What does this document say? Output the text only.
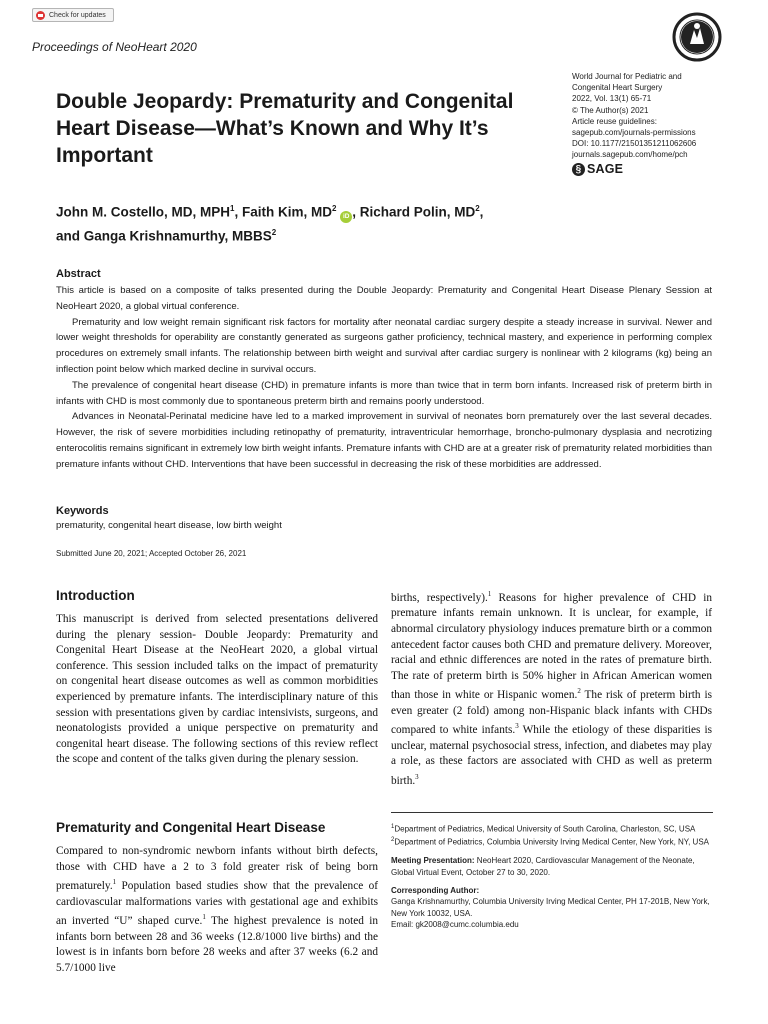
Check for updates
Proceedings of NeoHeart 2020
Double Jeopardy: Prematurity and Congenital Heart Disease—What’s Known and Why It’s Important
World Journal for Pediatric and
Congenital Heart Surgery
2022, Vol. 13(1) 65-71
© The Author(s) 2021
Article reuse guidelines:
sagepub.com/journals-permissions
DOI: 10.1177/21501351211062606
journals.sagepub.com/home/pch
§ SAGE
John M. Costello, MD, MPH$^1$, Faith Kim, $MD^2$ iD , Richard Polin, $MD^2$,
and Ganga Krishnamurthy, MBBS$^2$
Abstract

This article is based on a composite of talks presented during the Double Jeopardy: Prematurity and Congenital Heart Disease Plenary Session at NeoHeart 2020, a global virtual conference.

Prematurity and low weight remain significant risk factors for mortality after neonatal cardiac surgery despite a steady increase in survival. Newer and lower weight thresholds for operability are constantly generated as surgeons gather proficiency, technical mastery, and experience in performing complex procedures on extremely small infants. The relationship between birth weight and survival after cardiac surgery is nonlinear with 2 kilograms (kg) being an inflection point below which marked decline in survival occurs.

The prevalence of congenital heart disease (CHD) in premature infants is more than twice that in term born infants. Increased risk of preterm birth in infants with CHD is most commonly due to spontaneous preterm birth and remains poorly understood.

Advances in Neonatal-Perinatal medicine have led to a marked improvement in survival of neonates born prematurely over the last several decades. However, the risk of severe morbidities including retinopathy of prematurity, intraventricular hemorrhage, broncho-pulmonary dysplasia and necrotizing enterocolitis remains significant in extremely low birth weight infants. Premature infants with CHD are at a greater risk of prematurity related morbidities than premature infants without CHD. Interventions that have been successful in decreasing the risk of these morbidities are addressed.

Keywords
prematurity, congenital heart disease, low birth weight
Submitted June 20, 2021; Accepted October 26, 2021
Introduction
This manuscript is derived from selected presentations delivered during the plenary session- Double Jeopardy: Prematurity and Congenital Heart Disease at the NeoHeart 2020, a global virtual conference. This session included talks on the impact of prematurity on congenital heart disease outcomes as well as common morbidities experienced by premature infants. The interdisciplinary nature of this session with presentations given by cardiac intensivists, surgeons, and neonatologists provided a unique perspective on prematurity and congenital heart disease. The following sections of this review reflect the scope and content of the talks given during the plenary session.
Prematurity and Congenital Heart Disease
Compared to non-syndromic newborn infants without birth defects, those with CHD have a 2 to 3 fold greater risk of being born prematurely.$^1$ Population based studies show that the prevalence of cardiovascular malformations varies with gestational age and exhibits an inverted “U” shaped curve.$^1$ The highest prevalence is noted in infants born between 28 and 36 weeks (12.8/1000 live births) and the lowest is in infants born before 28 weeks and after 37 weeks (6.2 and 5.7/1000 live
births, respectively).$^1$ Reasons for higher prevalence of CHD in premature infants remain unknown. It is unclear, for example, if abnormal circulatory physiology induces premature birth or a common antecedent factor causes both CHD and premature delivery. Moreover, racial and ethnic differences are noted in the rates of premature birth. The rate of preterm birth is 50% higher in African American women than those in white or Hispanic women.$^2$ The risk of preterm birth is even greater (2 fold) among non-Hispanic black infants with CHDs compared to white infants.$^3$ While the etiology of these disparities is unclear, maternal psychosocial stress, infection, and diabetes may play a role, as these factors are associated with CHD as well as preterm birth.$^3$

$^1$Department of Pediatrics, Medical University of South Carolina, Charleston, SC, USA

$^2$Department of Pediatrics, Columbia University Irving Medical Center, New York, NY, USA

Meeting Presentation: NeoHeart 2020, Cardiovascular Management of the Neonate, Global Virtual Event, October 27 to 30, 2020.

Corresponding Author:

Ganga Krishnamurthy, Columbia University Irving Medical Center, PH 17-201B, New York, New York 10032, USA.

Email: gk2008@cumc.columbia.edu
